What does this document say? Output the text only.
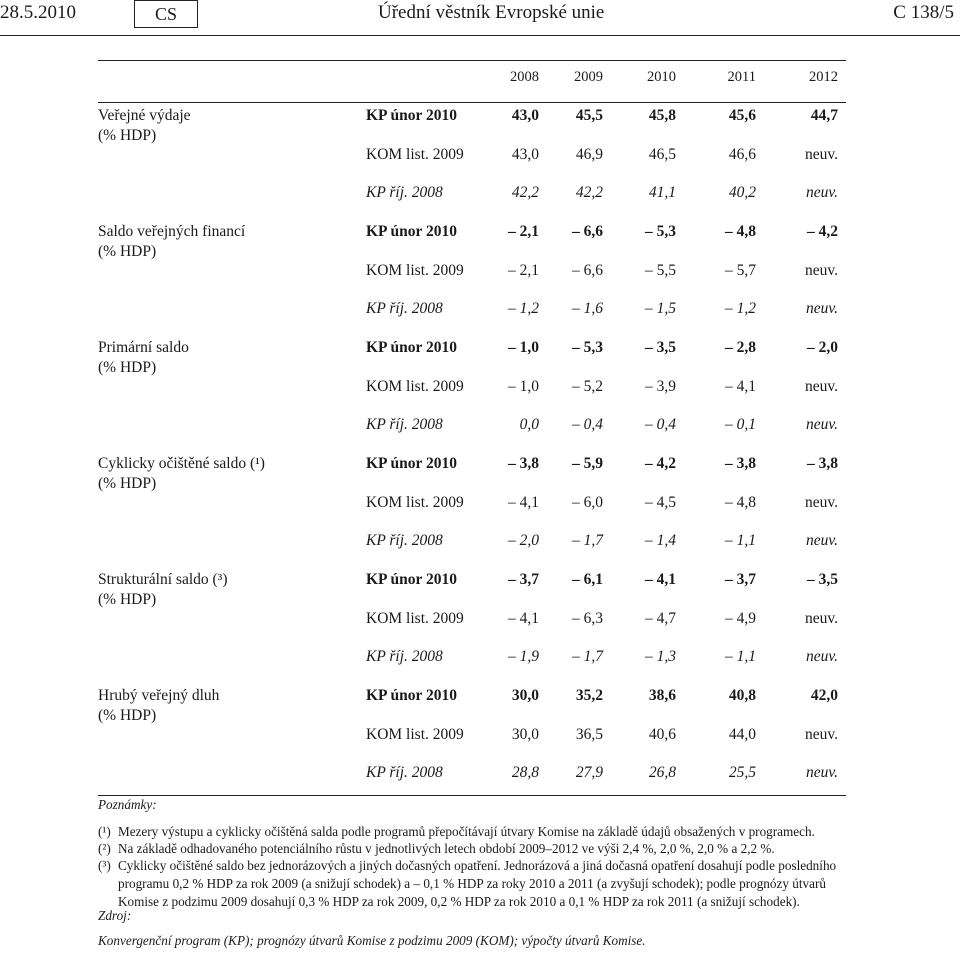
28.5.2010	CS	Úřední věstník Evropské unie	C 138/5
2008	2009	2010	2011	2012
Veřejné výdaje
(% HDP)
KP únor 2010	43,0	45,5	45,8	45,6	44,7
KOM list. 2009	43,0	46,9	46,5	46,6	neuv.
KP říj. 2008	42,2	42,2	41,1	40,2	neuv.
Saldo veřejných financí
(% HDP)
KP únor 2010	– 2,1	– 6,6	– 5,3	– 4,8	– 4,2
KOM list. 2009	– 2,1	– 6,6	– 5,5	– 5,7	neuv.
KP říj. 2008	– 1,2	– 1,6	– 1,5	– 1,2	neuv.
Primární saldo
(% HDP)
KP únor 2010	– 1,0	– 5,3	– 3,5	– 2,8	– 2,0
KOM list. 2009	– 1,0	– 5,2	– 3,9	– 4,1	neuv.
KP říj. 2008	0,0	– 0,4	– 0,4	– 0,1	neuv.
Cyklicky očištěné saldo (¹)
(% HDP)
KP únor 2010	– 3,8	– 5,9	– 4,2	– 3,8	– 3,8
KOM list. 2009	– 4,1	– 6,0	– 4,5	– 4,8	neuv.
KP říj. 2008	– 2,0	– 1,7	– 1,4	– 1,1	neuv.
Strukturální saldo (³)
(% HDP)
KP únor 2010	– 3,7	– 6,1	– 4,1	– 3,7	– 3,5
KOM list. 2009	– 4,1	– 6,3	– 4,7	– 4,9	neuv.
KP říj. 2008	– 1,9	– 1,7	– 1,3	– 1,1	neuv.
Hrubý veřejný dluh
(% HDP)
KP únor 2010	30,0	35,2	38,6	40,8	42,0
KOM list. 2009	30,0	36,5	40,6	44,0	neuv.
KP říj. 2008	28,8	27,9	26,8	25,5	neuv.
Poznámky:
(¹) Mezery výstupu a cyklicky očištěná salda podle programů přepočítávají útvary Komise na základě údajů obsažených v programech.
(²) Na základě odhadovaného potenciálního růstu v jednotlivých letech období 2009–2012 ve výši 2,4 %, 2,0 %, 2,0 % a 2,2 %.
(³) Cyklicky očištěné saldo bez jednorázových a jiných dočasných opatření. Jednorázová a jiná dočasná opatření dosahují podle posledního programu 0,2 % HDP za rok 2009 (a snižují schodek) a – 0,1 % HDP za roky 2010 a 2011 (a zvyšují schodek); podle prognózy útvarů Komise z podzimu 2009 dosahují 0,3 % HDP za rok 2009, 0,2 % HDP za rok 2010 a 0,1 % HDP za rok 2011 (a snižují schodek).
Zdroj:
Konvergenční program (KP); prognózy útvarů Komise z podzimu 2009 (KOM); výpočty útvarů Komise.
